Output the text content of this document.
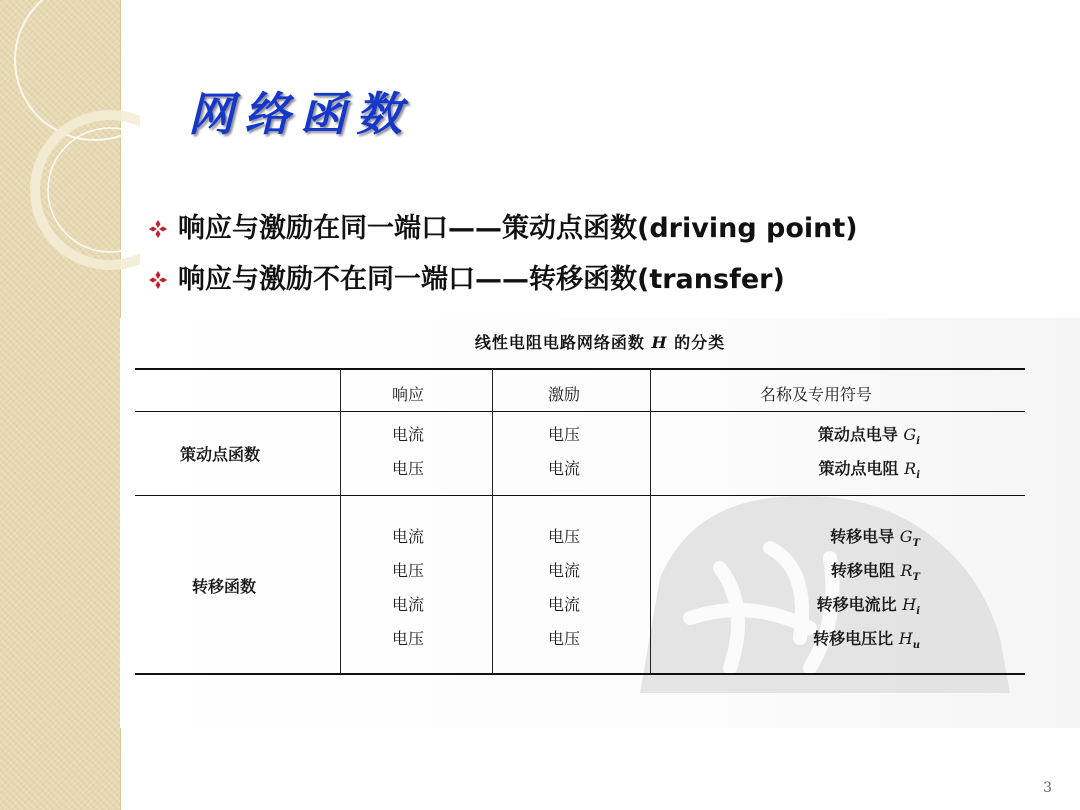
网络函数
响应与激励在同一端口——策动点函数(driving point)
响应与激励不在同一端口——转移函数(transfer)
线性电阻电路网络函数 H 的分类
响应	激励	名称及专用符号
策动点函数
电流
电压
电压
电流
策动点电导 $G_i$
策动点电阻 $R_i$
转移函数
电流
电压
电流
电压
电压
电流
电流
电压
转移电导 $G_T$
转移电阻 $R_T$
转移电流比 $H_i$
转移电压比 $H_u$
3
